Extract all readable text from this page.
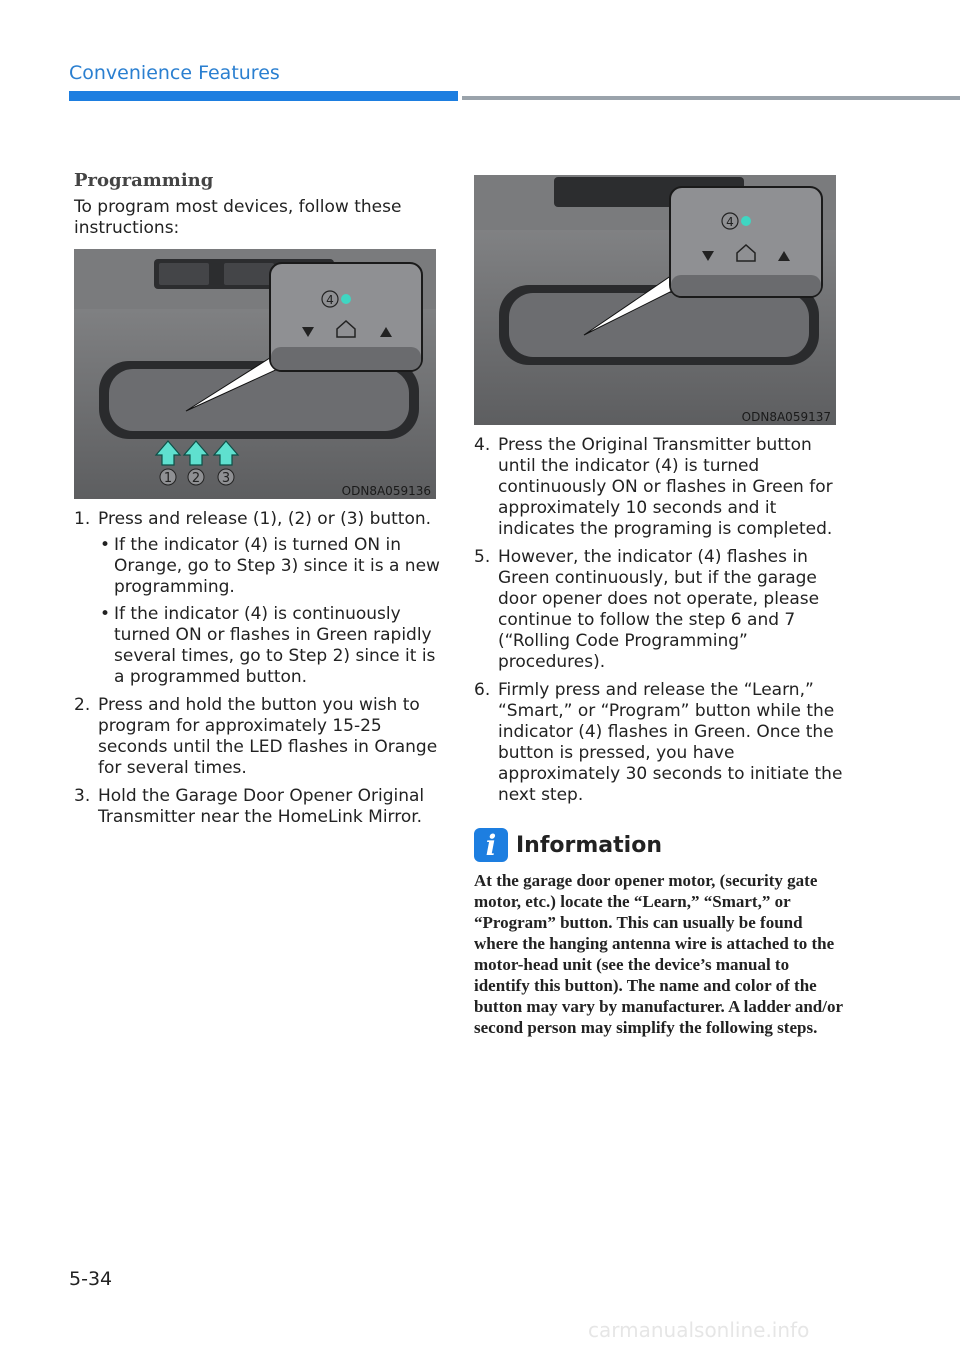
Convenience Features
Programming

To program most devices, follow these instructions:

4
1 2 3
ODN8A059136
1. Press and release (1), (2) or (3) button.
• If the indicator (4) is turned ON in Orange, go to Step 3) since it is a new programming.
• If the indicator (4) is continuously turned ON or flashes in Green rapidly several times, go to Step 2) since it is a programmed button.
2. Press and hold the button you wish to program for approximately 15-25 seconds until the LED flashes in Orange for several times.
3. Hold the Garage Door Opener Original Transmitter near the HomeLink Mirror.
4
ODN8A059137
4. Press the Original Transmitter button until the indicator (4) is turned continuously ON or flashes in Green for approximately 10 seconds and it indicates the programing is completed.
5. However, the indicator (4) flashes in Green continuously, but if the garage door opener does not operate, please continue to follow the step 6 and 7 (“Rolling Code Programming” procedures).
6. Firmly press and release the “Learn,” “Smart,” or “Program” button while the indicator (4) flashes in Green. Once the button is pressed, you have approximately 30 seconds to initiate the next step.
i Information

At the garage door opener motor, (security gate motor, etc.) locate the “Learn,” “Smart,” or “Program” button. This can usually be found where the hanging antenna wire is attached to the motor-head unit (see the device’s manual to identify this button). The name and color of the button may vary by manufacturer. A ladder and/or second person may simplify the following steps.

5-34
carmanualsonline.info
